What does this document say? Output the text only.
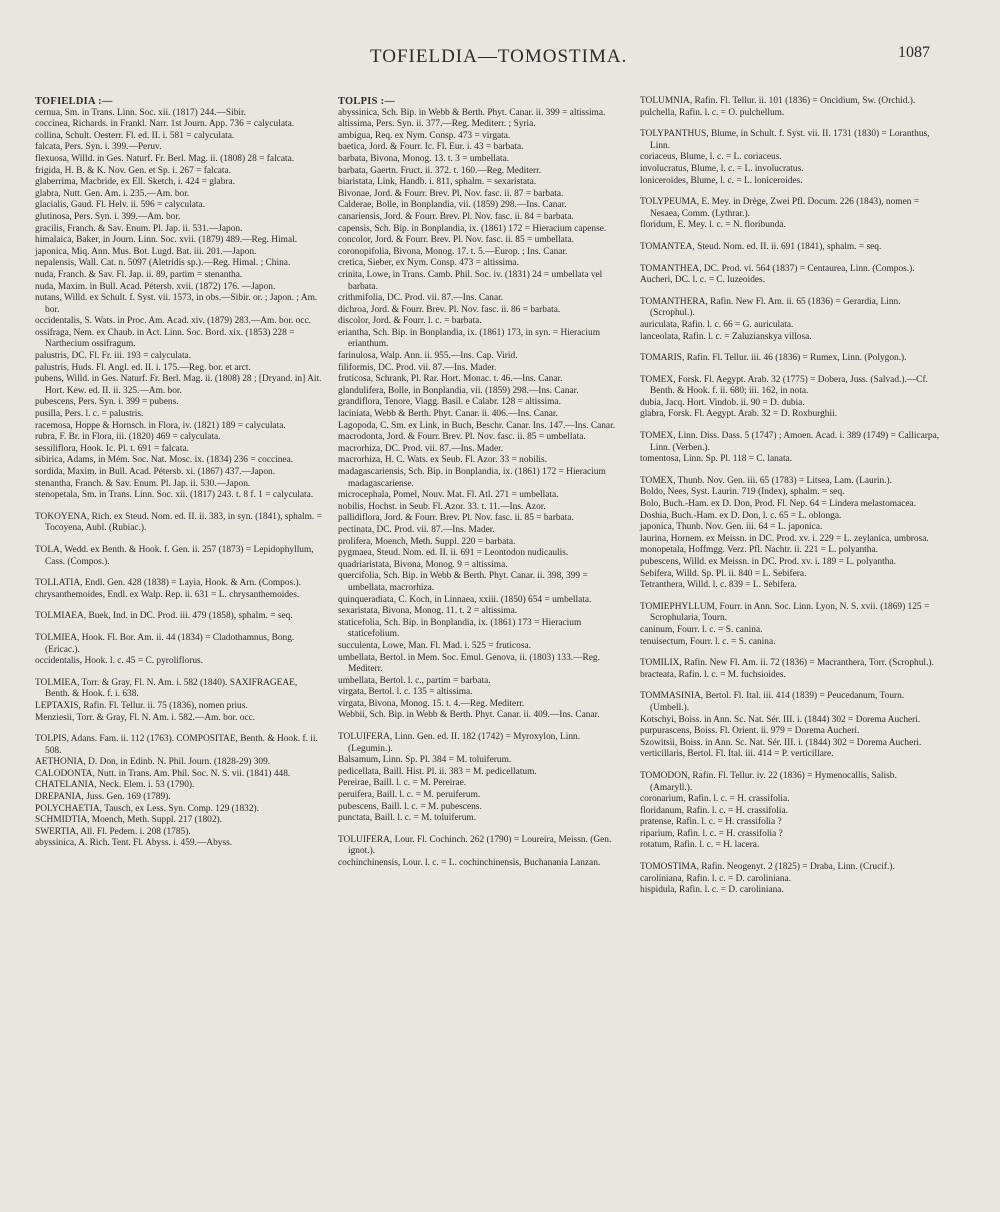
TOFIELDIA—TOMOSTIMA.	1087
TOFIELDIA :—
cernua, Sm. in Trans. Linn. Soc. xii. (1817) 244.—Sibir.
coccinea, Richards. in Frankl. Narr. 1st Journ. App. 736 = calyculata.
collina, Schult. Oesterr. Fl. ed. II. i. 581 = calyculata.
falcata, Pers. Syn. i. 399.—Peruv.
flexuosa, Willd. in Ges. Naturf. Fr. Berl. Mag. ii. (1808) 28 = falcata.
frigida, H. B. & K. Nov. Gen. et Sp. i. 267 = falcata.
glaberrima, Macbride, ex Ell. Sketch, i. 424 = glabra.
glabra, Nutt. Gen. Am. i. 235.—Am. bor.
glacialis, Gaud. Fl. Helv. ii. 596 = calyculata.
glutinosa, Pers. Syn. i. 399.—Am. bor.
gracilis, Franch. & Sav. Enum. Pl. Jap. ii. 531.—Japon.
himalaica, Baker, in Journ. Linn. Soc. xvii. (1879) 489.—Reg. Himal.
japonica, Miq. Ann. Mus. Bot. Lugd. Bat. iii. 201.—Japon.
nepalensis, Wall. Cat. n. 5097 (Aletridis sp.).—Reg. Himal. ; China.
nuda, Franch. & Sav. Fl. Jap. ii. 89, partim = stenantha.
nuda, Maxim. in Bull. Acad. Pétersb. xvii. (1872) 176. —Japon.
nutans, Willd. ex Schult. f. Syst. vii. 1573, in obs.—Sibir. or. ; Japon. ; Am. bor.
occidentalis, S. Wats. in Proc. Am. Acad. xiv. (1879) 283.—Am. bor. occ.
ossifraga, Nem. ex Chaub. in Act. Linn. Soc. Bord. xix. (1853) 228 = Narthecium ossifragum.
palustris, DC. Fl. Fr. iii. 193 = calyculata.
palustris, Huds. Fl. Angl. ed. II. i. 175.—Reg. bor. et arct.
pubens, Willd. in Ges. Naturf. Fr. Berl. Mag. ii. (1808) 28 ; [Dryand. in] Ait. Hort. Kew. ed. II. ii. 325.—Am. bor.
pubescens, Pers. Syn. i. 399 = pubens.
pusilla, Pers. l. c. = palustris.
racemosa, Hoppe & Hornsch. in Flora, iv. (1821) 189 = calyculata.
rubra, F. Br. in Flora, iii. (1820) 469 = calyculata.
sessiliflora, Hook. Ic. Pl. t. 691 = falcata.
sibirica, Adams, in Mém. Soc. Nat. Mosc. ix. (1834) 236 = coccinea.
sordida, Maxim. in Bull. Acad. Pétersb. xi. (1867) 437.—Japon.
stenantha, Franch. & Sav. Enum. Pl. Jap. ii. 530.—Japon.
stenopetala, Sm. in Trans. Linn. Soc. xii. (1817) 243. t. 8 f. 1 = calyculata.
TOKOYENA, Rich. ex Steud. Nom. ed. II. ii. 383, in syn. (1841), sphalm. = Tocoyena, Aubl. (Rubiac.).
TOLA, Wedd. ex Benth. & Hook. f. Gen. ii. 257 (1873) = Lepidophyllum, Cass. (Compos.).
TOLLATIA, Endl. Gen. 428 (1838) = Layia, Hook. & Arn. (Compos.).
chrysanthemoides, Endl. ex Walp. Rep. ii. 631 = L. chrysanthemoides.
TOLMIAEA, Buek, Ind. in DC. Prod. iii. 479 (1858), sphalm. = seq.
TOLMIEA, Hook. Fl. Bor. Am. ii. 44 (1834) = Cladothamnus, Bong. (Ericac.).
occidentalis, Hook. l. c. 45 = C. pyroliflorus.
TOLMIEA, Torr. & Gray, Fl. N. Am. i. 582 (1840). SAXIFRAGEAE, Benth. & Hook. f. i. 638.
LEPTAXIS, Rafin. Fl. Tellur. ii. 75 (1836), nomen prius.
Menziesii, Torr. & Gray, Fl. N. Am. i. 582.—Am. bor. occ.
TOLPIS, Adans. Fam. ii. 112 (1763). COMPOSITAE, Benth. & Hook. f. ii. 508.
AETHONIA, D. Don, in Edinb. N. Phil. Journ. (1828-29) 309.
CALODONTA, Nutt. in Trans. Am. Phil. Soc. N. S. vii. (1841) 448.
CHATELANIA, Neck. Elem. i. 53 (1790).
DREPANIA, Juss. Gen. 169 (1789).
POLYCHAETIA, Tausch, ex Less. Syn. Comp. 129 (1832).
SCHMIDTIA, Moench, Meth. Suppl. 217 (1802).
SWERTIA, All. Fl. Pedem. i. 208 (1785).
abyssinica, A. Rich. Tent. Fl. Abyss. i. 459.—Abyss.
TOLPIS :—
abyssinica, Sch. Bip. in Webb & Berth. Phyt. Canar. ii. 399 = altissima.
altissima, Pers. Syn. ii. 377.—Reg. Mediterr. ; Syria.
ambigua, Req. ex Nym. Consp. 473 = virgata.
baetica, Jord. & Fourr. Ic. Fl. Eur. i. 43 = barbata.
barbata, Bivona, Monog. 13. t. 3 = umbellata.
barbata, Gaertn. Fruct. ii. 372. t. 160.—Reg. Mediterr.
biaristata, Link, Handb. i. 811, sphalm. = sexaristata.
Bivonae, Jord. & Fourr. Brev. Pl. Nov. fasc. ii. 87 = barbata.
Calderae, Bolle, in Bonplandia, vii. (1859) 298.—Ins. Canar.
canariensis, Jord. & Fourr. Brev. Pl. Nov. fasc. ii. 84 = barbata.
capensis, Sch. Bip. in Bonplandia, ix. (1861) 172 = Hieracium capense.
concolor, Jord. & Fourr. Brev. Pl. Nov. fasc. ii. 85 = umbellata.
coronopifolia, Bivona, Monog. 17. t. 5.—Europ. ; Ins. Canar.
cretica, Sieber, ex Nym. Consp. 473 = altissima.
crinita, Lowe, in Trans. Camb. Phil. Soc. iv. (1831) 24 = umbellata vel barbata.
crithmifolia, DC. Prod. vii. 87.—Ins. Canar.
dichroa, Jord. & Fourr. Brev. Pl. Nov. fasc. ii. 86 = barbata.
discolor, Jord. & Fourr. l. c. = barbata.
eriantha, Sch. Bip. in Bonplandia, ix. (1861) 173, in syn. = Hieracium erianthum.
farinulosa, Walp. Ann. ii. 955.—Ins. Cap. Virid.
filiformis, DC. Prod. vii. 87.—Ins. Mader.
fruticosa, Schrank, Pl. Rar. Hort. Monac. t. 46.—Ins. Canar.
glandulifera, Bolle, in Bonplandia, vii. (1859) 298.—Ins. Canar.
grandiflora, Tenore, Viagg. Basil. e Calabr. 128 = altissima.
laciniata, Webb & Berth. Phyt. Canar. ii. 406.—Ins. Canar.
Lagopoda, C. Sm. ex Link, in Buch, Beschr. Canar. Ins. 147.—Ins. Canar.
macrodonta, Jord. & Fourr. Brev. Pl. Nov. fasc. ii. 85 = umbellata.
macrorhiza, DC. Prod. vii. 87.—Ins. Mader.
macrorhiza, H. C. Wats. ex Seub. Fl. Azor. 33 = nobilis.
madagascariensis, Sch. Bip. in Bonplandia, ix. (1861) 172 = Hieracium madagascariense.
microcephala, Pomel, Nouv. Mat. Fl. Atl. 271 = umbellata.
nobilis, Hochst. in Seub. Fl. Azor. 33. t. 11.—Ins. Azor.
pallidiflora, Jord. & Fourr. Brev. Pl. Nov. fasc. ii. 85 = barbata.
pectinata, DC. Prod. vii. 87.—Ins. Mader.
prolifera, Moench, Meth. Suppl. 220 = barbata.
pygmaea, Steud. Nom. ed. II. ii. 691 = Leontodon nudicaulis.
quadriaristata, Bivona, Monog. 9 = altissima.
quercifolia, Sch. Bip. in Webb & Berth. Phyt. Canar. ii. 398, 399 = umbellata, macrorhiza.
quinqueradiata, C. Koch, in Linnaea, xxiii. (1850) 654 = umbellata.
sexaristata, Bivona, Monog. 11. t. 2 = altissima.
staticefolia, Sch. Bip. in Bonplandia, ix. (1861) 173 = Hieracium staticefolium.
succulenta, Lowe, Man. Fl. Mad. i. 525 = fruticosa.
umbellata, Bertol. in Mem. Soc. Emul. Genova, ii. (1803) 133.—Reg. Mediterr.
umbellata, Bertol. l. c., partim = barbata.
virgata, Bertol. l. c. 135 = altissima.
virgata, Bivona, Monog. 15. t. 4.—Reg. Mediterr.
Webbii, Sch. Bip. in Webb & Berth. Phyt. Canar. ii. 409.—Ins. Canar.
TOLUIFERA, Linn. Gen. ed. II. 182 (1742) = Myroxylon, Linn. (Legumin.).
Balsamum, Linn. Sp. Pl. 384 = M. toluiferum.
pedicellata, Baill. Hist. Pl. ii. 383 = M. pedicellatum.
Pereirae, Baill. l. c. = M. Pereirae.
peruifera, Baill. l. c. = M. peruiferum.
pubescens, Baill. l. c. = M. pubescens.
punctata, Baill. l. c. = M. toluiferum.
TOLUIFERA, Lour. Fl. Cochinch. 262 (1790) = Loureira, Meissn. (Gen. ignot.).
cochinchinensis, Lour. l. c. = L. cochinchinensis, Buchanania Lanzan.
TOLUMNIA, Rafin. Fl. Tellur. ii. 101 (1836) = Oncidium, Sw. (Orchid.).
pulchella, Rafin. l. c. = O. pulchellum.
TOLYPANTHUS, Blume, in Schult. f. Syst. vii. II. 1731 (1830) = Loranthus, Linn.
coriaceus, Blume, l. c. = L. coriaceus.
involucratus, Blume, l. c. = L. involucratus.
loniceroides, Blume, l. c. = L. loniceroides.
TOLYPEUMA, E. Mey. in Drège, Zwei Pfl. Docum. 226 (1843), nomen = Nesaea, Comm. (Lythrar.).
floridum, E. Mey. l. c. = N. floribunda.
TOMANTEA, Steud. Nom. ed. II. ii. 691 (1841), sphalm. = seq.
TOMANTHEA, DC. Prod. vi. 564 (1837) = Centaurea, Linn. (Compos.).
Aucheri, DC. l. c. = C. luzeoides.
TOMANTHERA, Rafin. New Fl. Am. ii. 65 (1836) = Gerardia, Linn. (Scrophul.).
auriculata, Rafin. l. c. 66 = G. auriculata.
lanceolata, Rafin. l. c. = Zaluzianskya villosa.
TOMARIS, Rafin. Fl. Tellur. iii. 46 (1836) = Rumex, Linn. (Polygon.).
TOMEX, Forsk. Fl. Aegypt. Arab. 32 (1775) = Dobera, Juss. (Salvad.).—Cf. Benth. & Hook. f. ii. 680; iii. 162, in nota.
dubia, Jacq. Hort. Vindob. ii. 90 = D. dubia.
glabra, Forsk. Fl. Aegypt. Arab. 32 = D. Roxburghii.
TOMEX, Linn. Diss. Dass. 5 (1747) ; Amoen. Acad. i. 389 (1749) = Callicarpa, Linn. (Verben.).
tomentosa, Linn. Sp. Pl. 118 = C. lanata.
TOMEX, Thunb. Nov. Gen. iii. 65 (1783) = Litsea, Lam. (Laurin.).
Boldo, Nees, Syst. Laurin. 719 (Index), sphalm. = seq.
Bolo, Buch.-Ham. ex D. Don, Prod. Fl. Nep. 64 = Lindera melastomacea.
Doshia, Buch.-Ham. ex D. Don, l. c. 65 = L. oblonga.
japonica, Thunb. Nov. Gen. iii. 64 = L. japonica.
laurina, Hornem. ex Meissn. in DC. Prod. xv. i. 229 = L. zeylanica, umbrosa.
monopetala, Hoffmgg. Verz. Pfl. Nachtr. ii. 221 = L. polyantha.
pubescens, Willd. ex Meissn. in DC. Prod. xv. i. 189 = L. polyantha.
Sebifera, Willd. Sp. Pl. ii. 840 = L. Sebifera.
Tetranthera, Willd. l. c. 839 = L. Sebifera.
TOMIEPHYLLUM, Fourr. in Ann. Soc. Linn. Lyon, N. S. xvii. (1869) 125 = Scrophularia, Tourn.
caninum, Fourr. l. c. = S. canina.
tenuisectum, Fourr. l. c. = S. canina.
TOMILIX, Rafin. New Fl. Am. ii. 72 (1836) = Macranthera, Torr. (Scrophul.).
bracteata, Rafin. l. c. = M. fuchsioides.
TOMMASINIA, Bertol. Fl. Ital. iii. 414 (1839) = Peucedanum, Tourn. (Umbell.).
Kotschyi, Boiss. in Ann. Sc. Nat. Sér. III. i. (1844) 302 = Dorema Aucheri.
purpurascens, Boiss. Fl. Orient. ii. 979 = Dorema Aucheri.
Szowitsii, Boiss. in Ann. Sc. Nat. Sér. III. i. (1844) 302 = Dorema Aucheri.
verticillaris, Bertol. Fl. Ital. iii. 414 = P. verticillare.
TOMODON, Rafin. Fl. Tellur. iv. 22 (1836) = Hymenocallis, Salisb. (Amaryll.).
coronarium, Rafin. l. c. = H. crassifolia.
floridanum, Rafin. l. c. = H. crassifolia.
pratense, Rafin. l. c. = H. crassifolia ?
riparium, Rafin. l. c. = H. crassifolia ?
rotatum, Rafin. l. c. = H. lacera.
TOMOSTIMA, Rafin. Neogenyt. 2 (1825) = Draba, Linn. (Crucif.).
caroliniana, Rafin. l. c. = D. caroliniana.
hispidula, Rafin. l. c. = D. caroliniana.
